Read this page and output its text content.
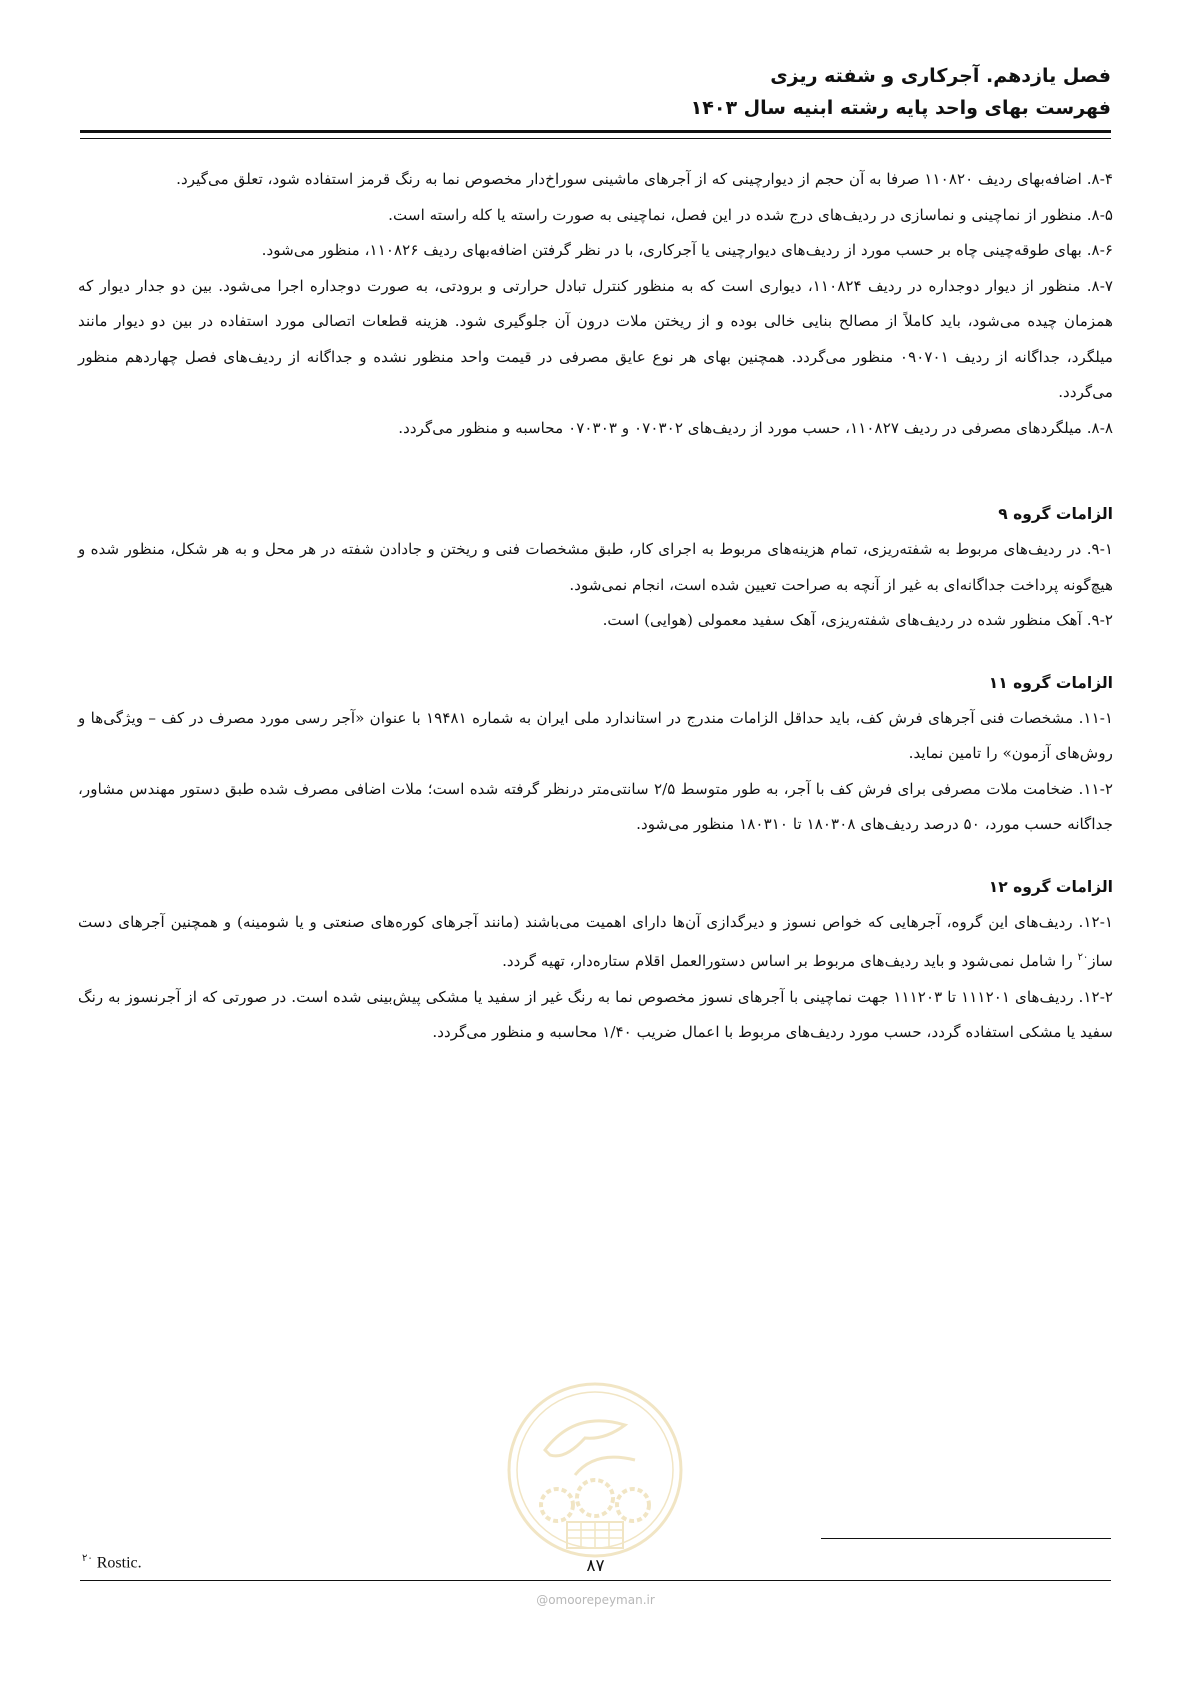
فصل یازدهم. آجرکاری و شفته ریزی
فهرست بهای واحد پایه رشته ابنیه سال ۱۴۰۳

۸-۴. اضافه‌بهای ردیف ۱۱۰۸۲۰ صرفا به آن حجم از دیوارچینی که از آجرهای ماشینی سوراخ‌دار مخصوص نما به رنگ قرمز استفاده شود، تعلق می‌گیرد.

۸-۵. منظور از نماچینی و نماسازی در ردیف‌های درج شده در این فصل، نماچینی به صورت راسته یا کله راسته است.

۸-۶. بهای طوقه‌چینی چاه بر حسب مورد از ردیف‌های دیوارچینی یا آجرکاری، با در نظر گرفتن اضافه‌بهای ردیف ۱۱۰۸۲۶، منظور می‌شود.

۸-۷. منظور از دیوار دوجداره در ردیف ۱۱۰۸۲۴، دیواری است که به منظور کنترل تبادل حرارتی و برودتی، به صورت دوجداره اجرا می‌شود. بین دو جدار دیوار که همزمان چیده می‌شود، باید کاملاً از مصالح بنایی خالی بوده و از ریختن ملات درون آن جلوگیری شود. هزینه قطعات اتصالی مورد استفاده در بین دو دیوار مانند میلگرد، جداگانه از ردیف ۰۹۰۷۰۱ منظور می‌گردد. همچنین بهای هر نوع عایق مصرفی در قیمت واحد منظور نشده و جداگانه از ردیف‌های فصل چهاردهم منظور می‌گردد.

۸-۸. میلگردهای مصرفی در ردیف ۱۱۰۸۲۷، حسب مورد از ردیف‌های ۰۷۰۳۰۲ و ۰۷۰۳۰۳ محاسبه و منظور می‌گردد.

الزامات گروه ۹

۹-۱. در ردیف‌های مربوط به شفته‌ریزی، تمام هزینه‌های مربوط به اجرای کار، طبق مشخصات فنی و ریختن و جادادن شفته در هر محل و به هر شکل، منظور شده و هیچ‌گونه پرداخت جداگانه‌ای به غیر از آنچه به صراحت تعیین شده است، انجام نمی‌شود.

۹-۲. آهک منظور شده در ردیف‌های شفته‌ریزی، آهک سفید معمولی (هوایی) است.

الزامات گروه ۱۱

۱۱-۱. مشخصات فنی آجرهای فرش کف، باید حداقل الزامات مندرج در استاندارد ملی ایران به شماره ۱۹۴۸۱ با عنوان «آجر رسی مورد مصرف در کف – ویژگی‌ها و روش‌های آزمون» را تامین نماید.

۱۱-۲. ضخامت ملات مصرفی برای فرش کف با آجر، به طور متوسط ۲/۵ سانتی‌متر درنظر گرفته شده است؛ ملات اضافی مصرف شده طبق دستور مهندس مشاور، جداگانه حسب مورد، ۵۰ درصد ردیف‌های ۱۸۰۳۰۸ تا ۱۸۰۳۱۰ منظور می‌شود.

الزامات گروه ۱۲

۱۲-۱. ردیف‌های این گروه، آجرهایی که خواص نسوز و دیرگدازی آن‌ها دارای اهمیت می‌باشند (مانند آجرهای کوره‌های صنعتی و یا شومینه) و همچنین آجرهای دست ساز$^{۲۰}$ را شامل نمی‌شود و باید ردیف‌های مربوط بر اساس دستورالعمل اقلام ستاره‌دار، تهیه گردد.

۱۲-۲. ردیف‌های ۱۱۱۲۰۱ تا ۱۱۱۲۰۳ جهت نماچینی با آجرهای نسوز مخصوص نما به رنگ غیر از سفید یا مشکی پیش‌بینی شده است. در صورتی که از آجرنسوز به رنگ سفید یا مشکی استفاده گردد، حسب مورد ردیف‌های مربوط با اعمال ضریب ۱/۴۰ محاسبه و منظور می‌گردد.

$^{۲۰}$ Rostic.	۸۷
@omoorepeyman.ir
